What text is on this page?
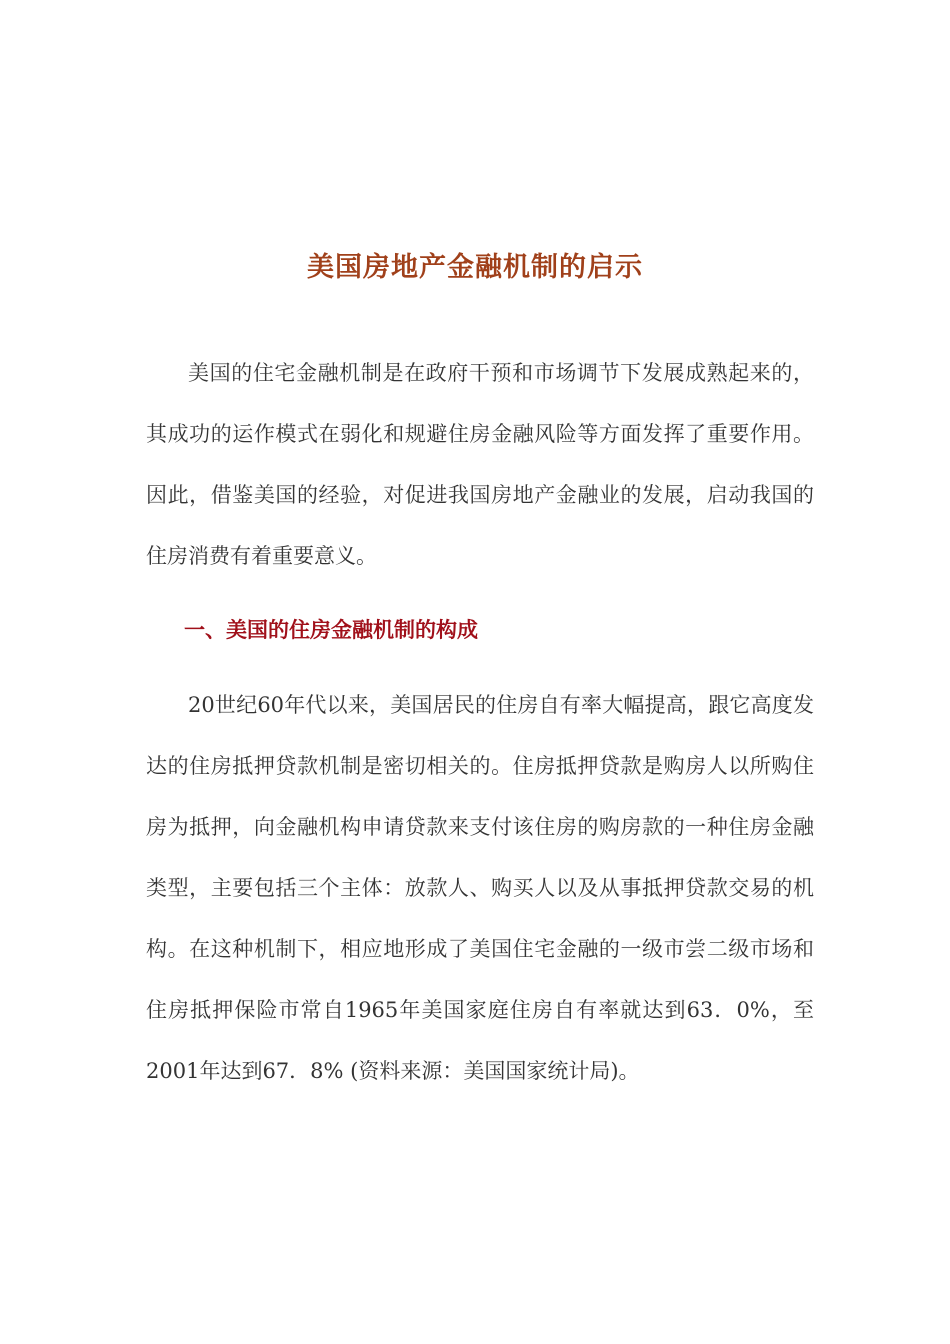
美国房地产金融机制的启示

美国的住宅金融机制是在政府干预和市场调节下发展成熟起来的，其成功的运作模式在弱化和规避住房金融风险等方面发挥了重要作用。因此，借鉴美国的经验，对促进我国房地产金融业的发展，启动我国的住房消费有着重要意义。

一、美国的住房金融机制的构成

20世纪60年代以来，美国居民的住房自有率大幅提高，跟它高度发达的住房抵押贷款机制是密切相关的。住房抵押贷款是购房人以所购住房为抵押，向金融机构申请贷款来支付该住房的购房款的一种住房金融类型，主要包括三个主体：放款人、购买人以及从事抵押贷款交易的机构。在这种机制下，相应地形成了美国住宅金融的一级市尝二级市场和住房抵押保险市常自1965年美国家庭住房自有率就达到63．0%，至2001年达到67．8% (资料来源：美国国家统计局)。
